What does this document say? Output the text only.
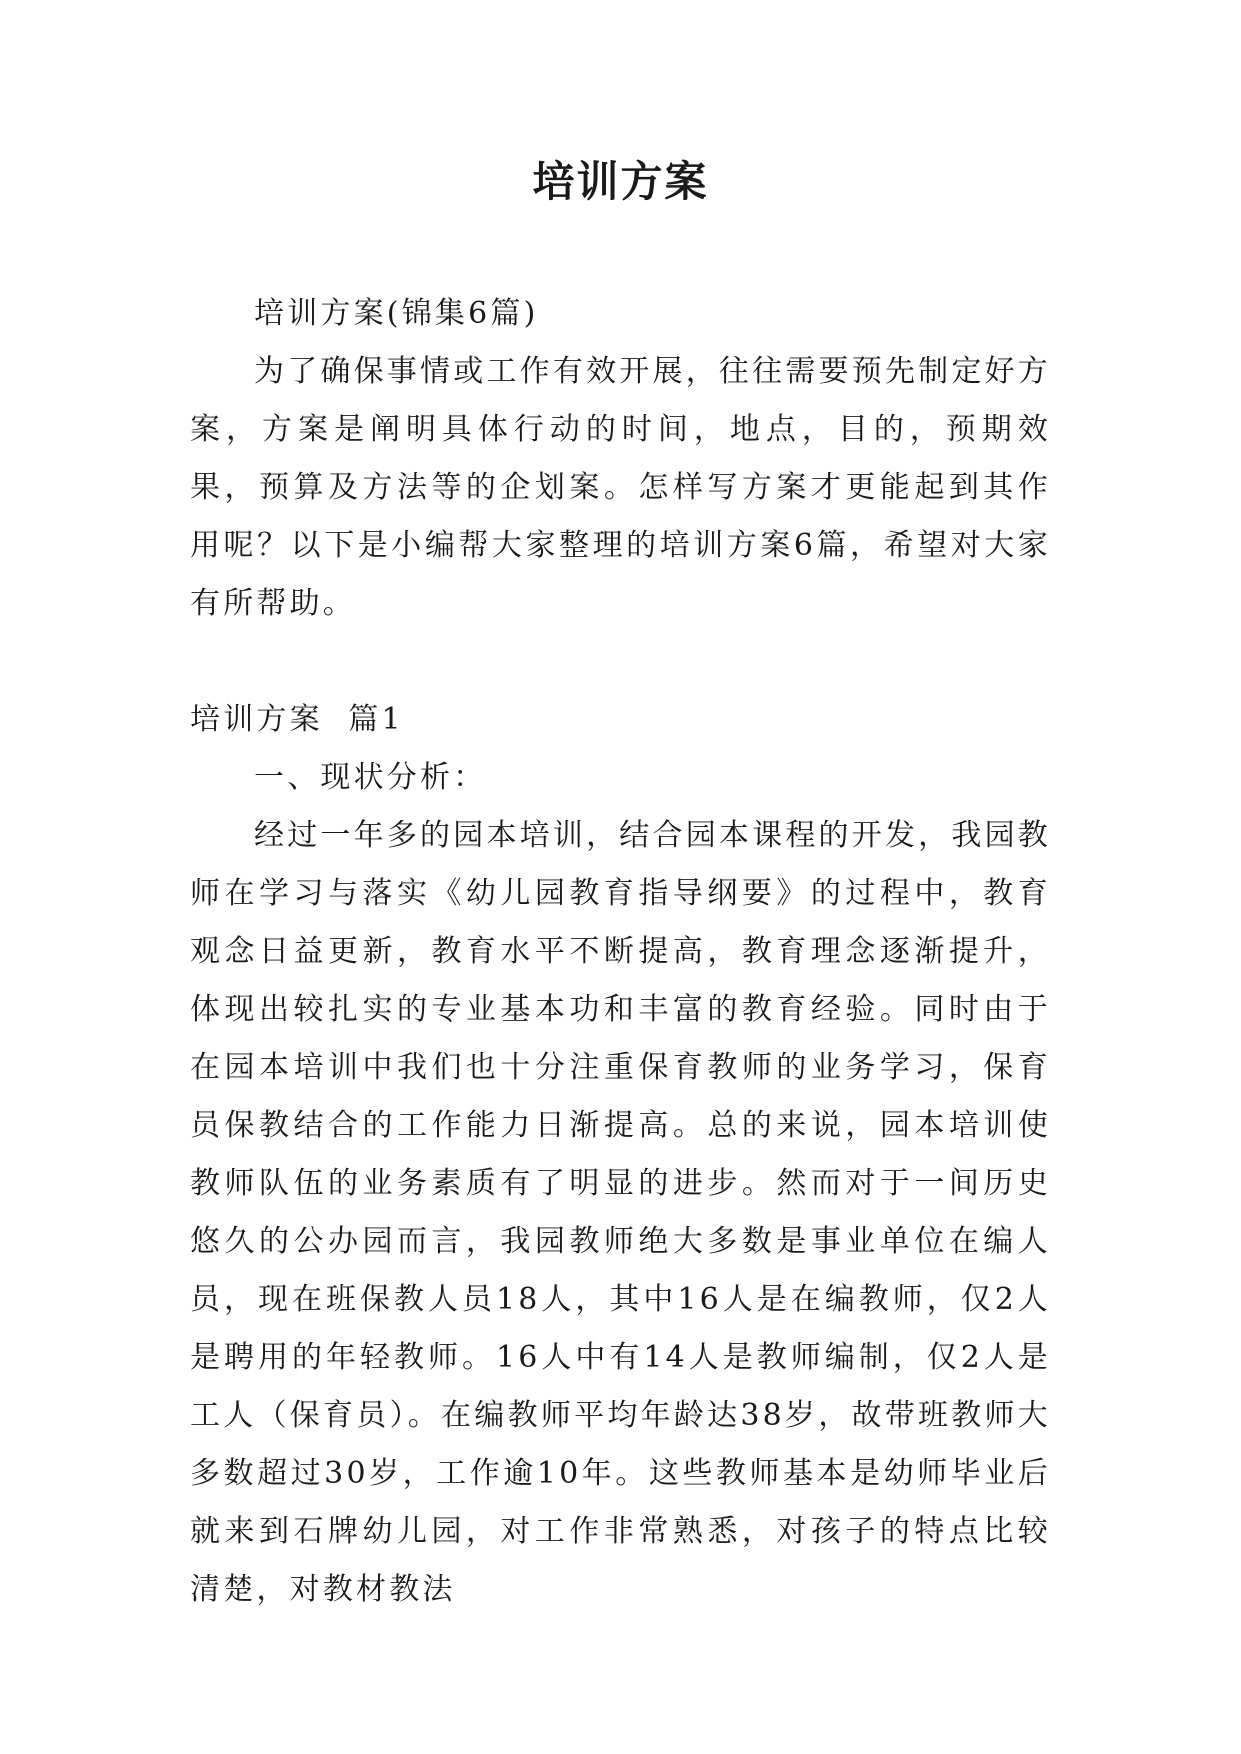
培训方案

培训方案(锦集6篇)

为了确保事情或工作有效开展，往往需要预先制定好方案，方案是阐明具体行动的时间，地点，目的，预期效果，预算及方法等的企划案。怎样写方案才更能起到其作用呢？以下是小编帮大家整理的培训方案6篇，希望对大家有所帮助。

培训方案  篇1

一、现状分析：

经过一年多的园本培训，结合园本课程的开发，我园教师在学习与落实《幼儿园教育指导纲要》的过程中，教育观念日益更新，教育水平不断提高，教育理念逐渐提升，体现出较扎实的专业基本功和丰富的教育经验。同时由于在园本培训中我们也十分注重保育教师的业务学习，保育员保教结合的工作能力日渐提高。总的来说，园本培训使教师队伍的业务素质有了明显的进步。然而对于一间历史悠久的公办园而言，我园教师绝大多数是事业单位在编人员，现在班保教人员18人，其中16人是在编教师，仅2人是聘用的年轻教师。16人中有14人是教师编制，仅2人是工人（保育员）。在编教师平均年龄达38岁，故带班教师大多数超过30岁，工作逾10年。这些教师基本是幼师毕业后就来到石牌幼儿园，对工作非常熟悉，对孩子的特点比较清楚，对教材教法
